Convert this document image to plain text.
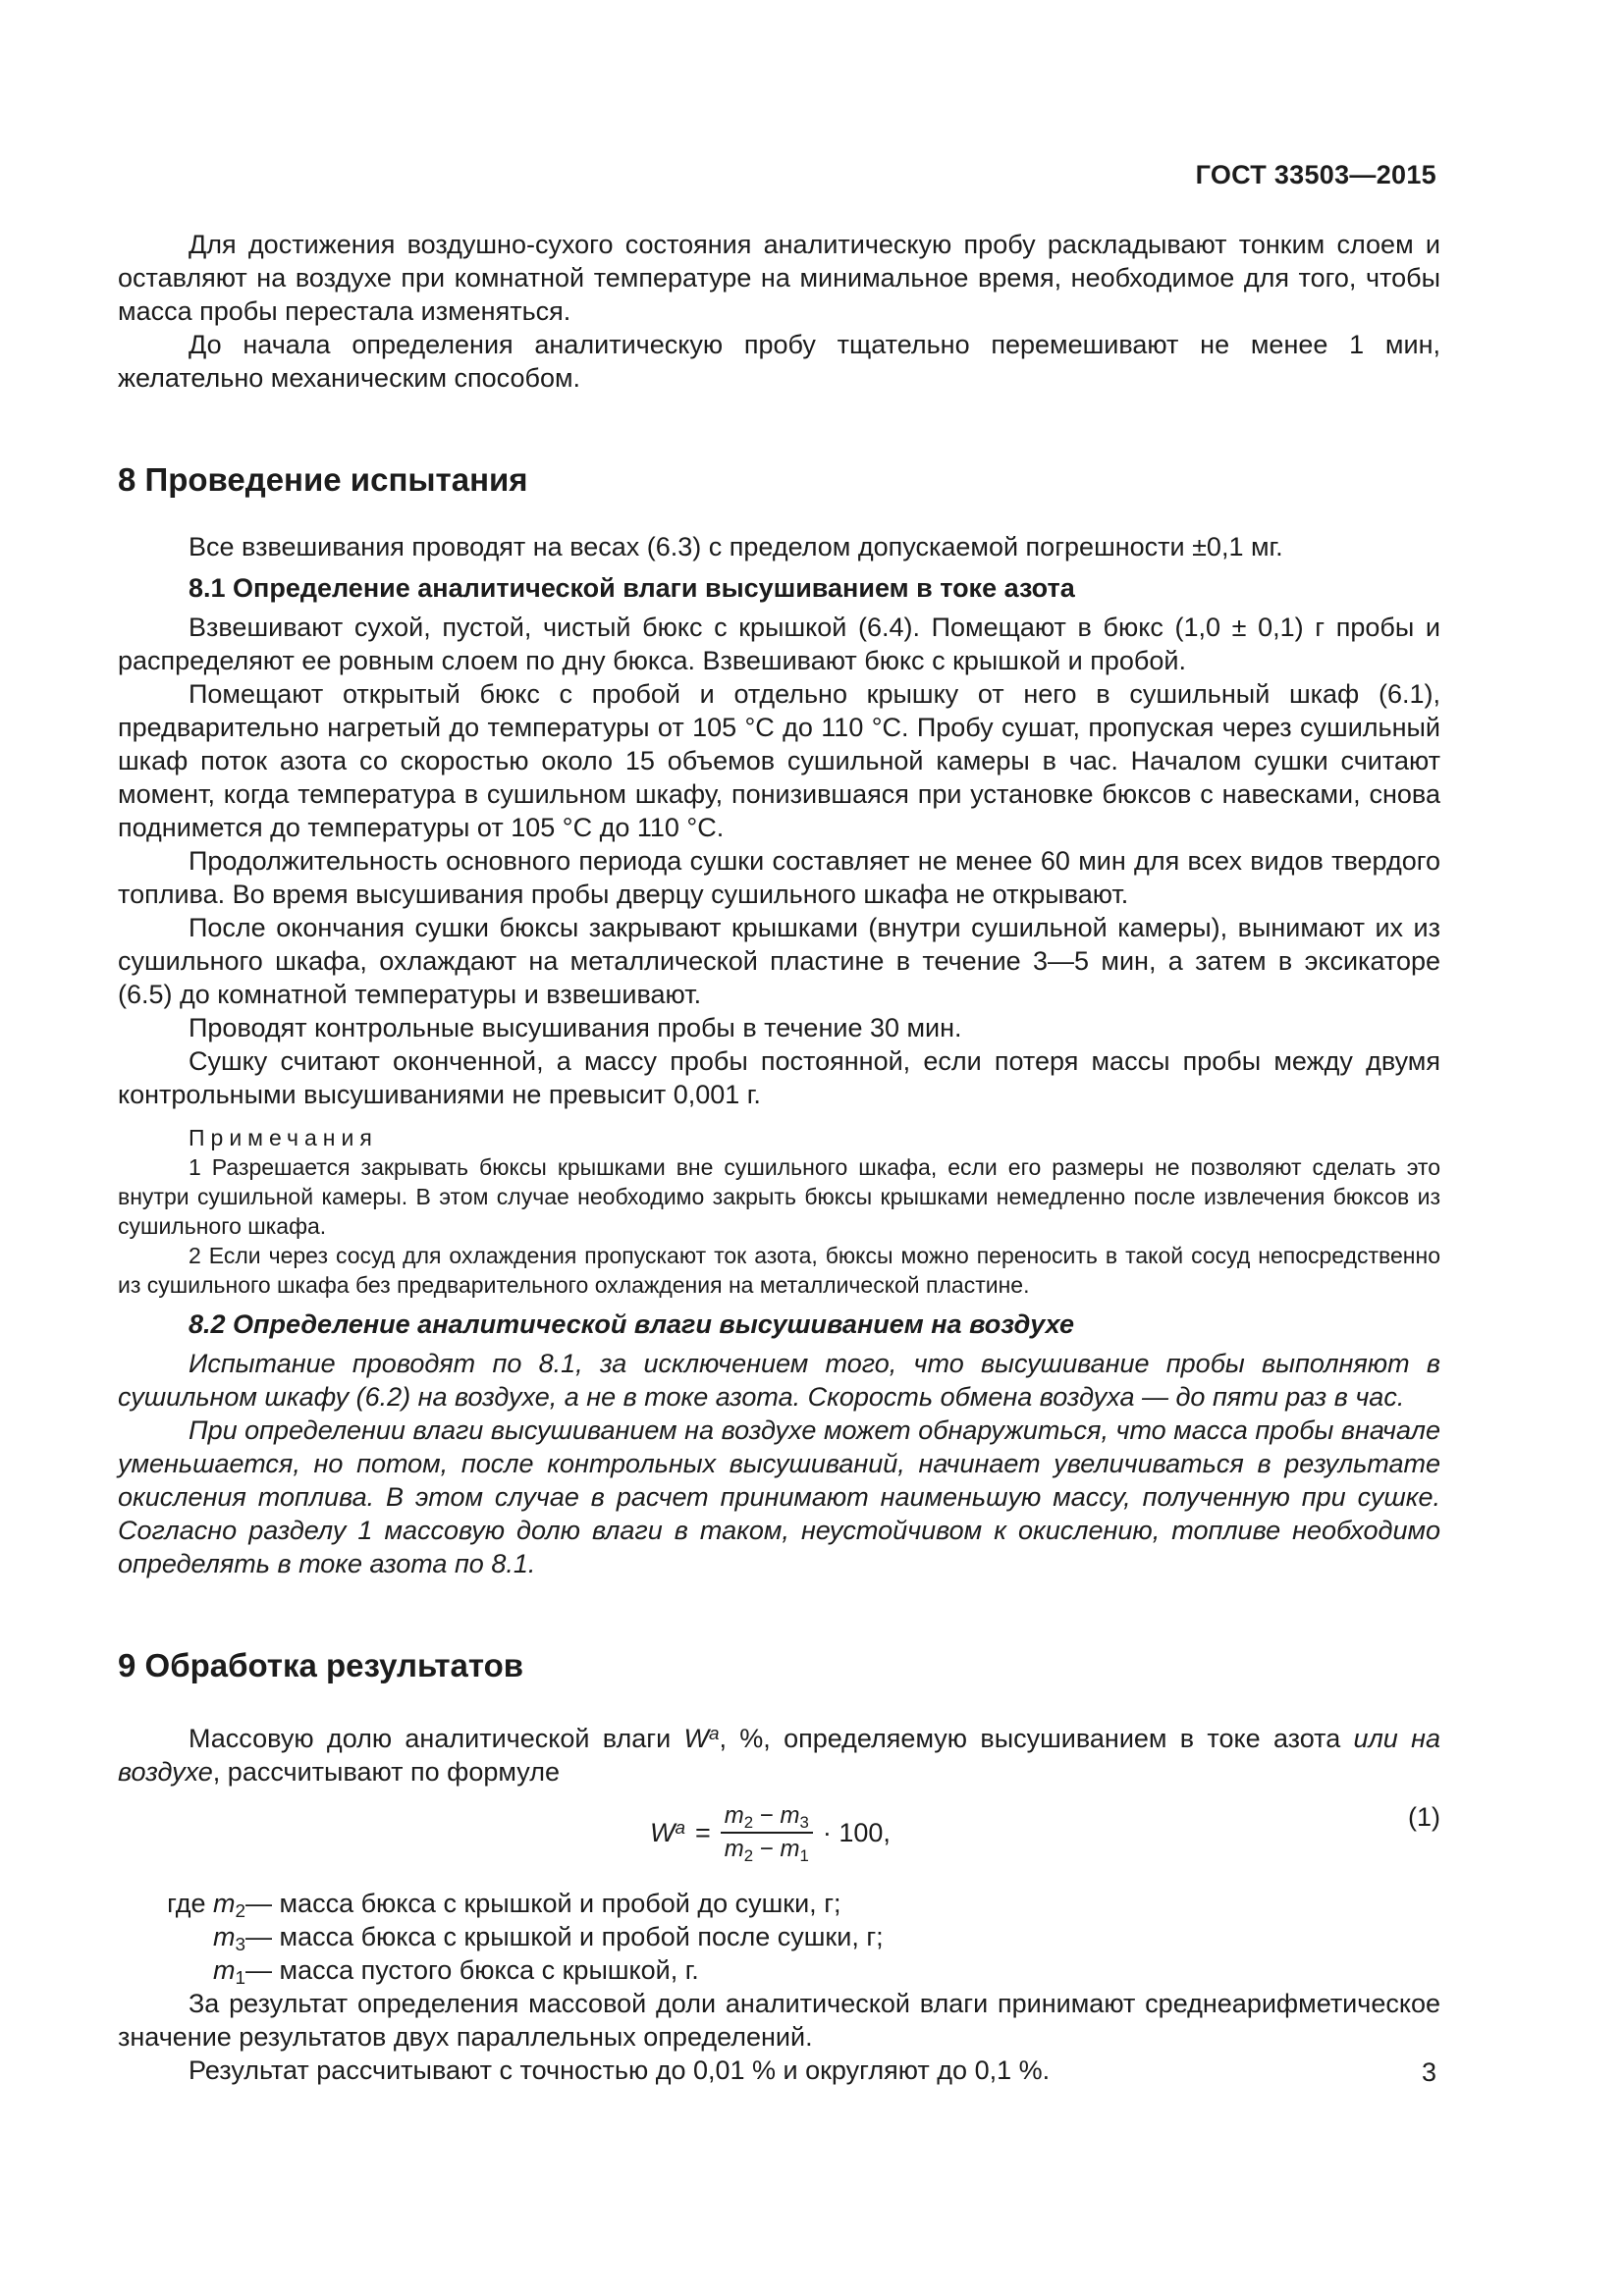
ГОСТ 33503—2015

Для достижения воздушно-сухого состояния аналитическую пробу раскладывают тонким слоем и оставляют на воздухе при комнатной температуре на минимальное время, необходимое для того, чтобы масса пробы перестала изменяться.

До начала определения аналитическую пробу тщательно перемешивают не менее 1 мин, желательно механическим способом.

8 Проведение испытания

Все взвешивания проводят на весах (6.3) с пределом допускаемой погрешности ±0,1 мг.

8.1 Определение аналитической влаги высушиванием в токе азота

Взвешивают сухой, пустой, чистый бюкс с крышкой (6.4). Помещают в бюкс (1,0 ± 0,1) г пробы и распределяют ее ровным слоем по дну бюкса. Взвешивают бюкс с крышкой и пробой.

Помещают открытый бюкс с пробой и отдельно крышку от него в сушильный шкаф (6.1), предварительно нагретый до температуры от 105 °С до 110 °С. Пробу сушат, пропуская через сушильный шкаф поток азота со скоростью около 15 объемов сушильной камеры в час. Началом сушки считают момент, когда температура в сушильном шкафу, понизившаяся при установке бюксов с навесками, снова поднимется до температуры от 105 °С до 110 °С.

Продолжительность основного периода сушки составляет не менее 60 мин для всех видов твердого топлива. Во время высушивания пробы дверцу сушильного шкафа не открывают.

После окончания сушки бюксы закрывают крышками (внутри сушильной камеры), вынимают их из сушильного шкафа, охлаждают на металлической пластине в течение 3—5 мин, а затем в эксикаторе (6.5) до комнатной температуры и взвешивают.

Проводят контрольные высушивания пробы в течение 30 мин.

Сушку считают оконченной, а массу пробы постоянной, если потеря массы пробы между двумя контрольными высушиваниями не превысит 0,001 г.

Примечания

1 Разрешается закрывать бюксы крышками вне сушильного шкафа, если его размеры не позволяют сделать это внутри сушильной камеры. В этом случае необходимо закрыть бюксы крышками немедленно после извлечения бюксов из сушильного шкафа.

2 Если через сосуд для охлаждения пропускают ток азота, бюксы можно переносить в такой сосуд непосредственно из сушильного шкафа без предварительного охлаждения на металлической пластине.

8.2 Определение аналитической влаги высушиванием на воздухе

Испытание проводят по 8.1, за исключением того, что высушивание пробы выполняют в сушильном шкафу (6.2) на воздухе, а не в токе азота. Скорость обмена воздуха — до пяти раз в час.

При определении влаги высушиванием на воздухе может обнаружиться, что масса пробы вначале уменьшается, но потом, после контрольных высушиваний, начинает увеличиваться в результате окисления топлива. В этом случае в расчет принимают наименьшую массу, полученную при сушке. Согласно разделу 1 массовую долю влаги в таком, неустойчивом к окислению, топливе необходимо определять в токе азота по 8.1.

9 Обработка результатов

Массовую долю аналитической влаги $W^a$, %, определяемую высушиванием в токе азота или на воздухе, рассчитывают по формуле

$W^a = \frac{m_2 - m_3}{m_2 - m_1} \cdot 100$,
(1)
где $m_2$ — масса бюкса с крышкой и пробой до сушки, г;
$m_3$ — масса бюкса с крышкой и пробой после сушки, г;
$m_1$ — масса пустого бюкса с крышкой, г.

За результат определения массовой доли аналитической влаги принимают среднеарифметическое значение результатов двух параллельных определений.

Результат рассчитывают с точностью до 0,01 % и округляют до 0,1 %.	3
